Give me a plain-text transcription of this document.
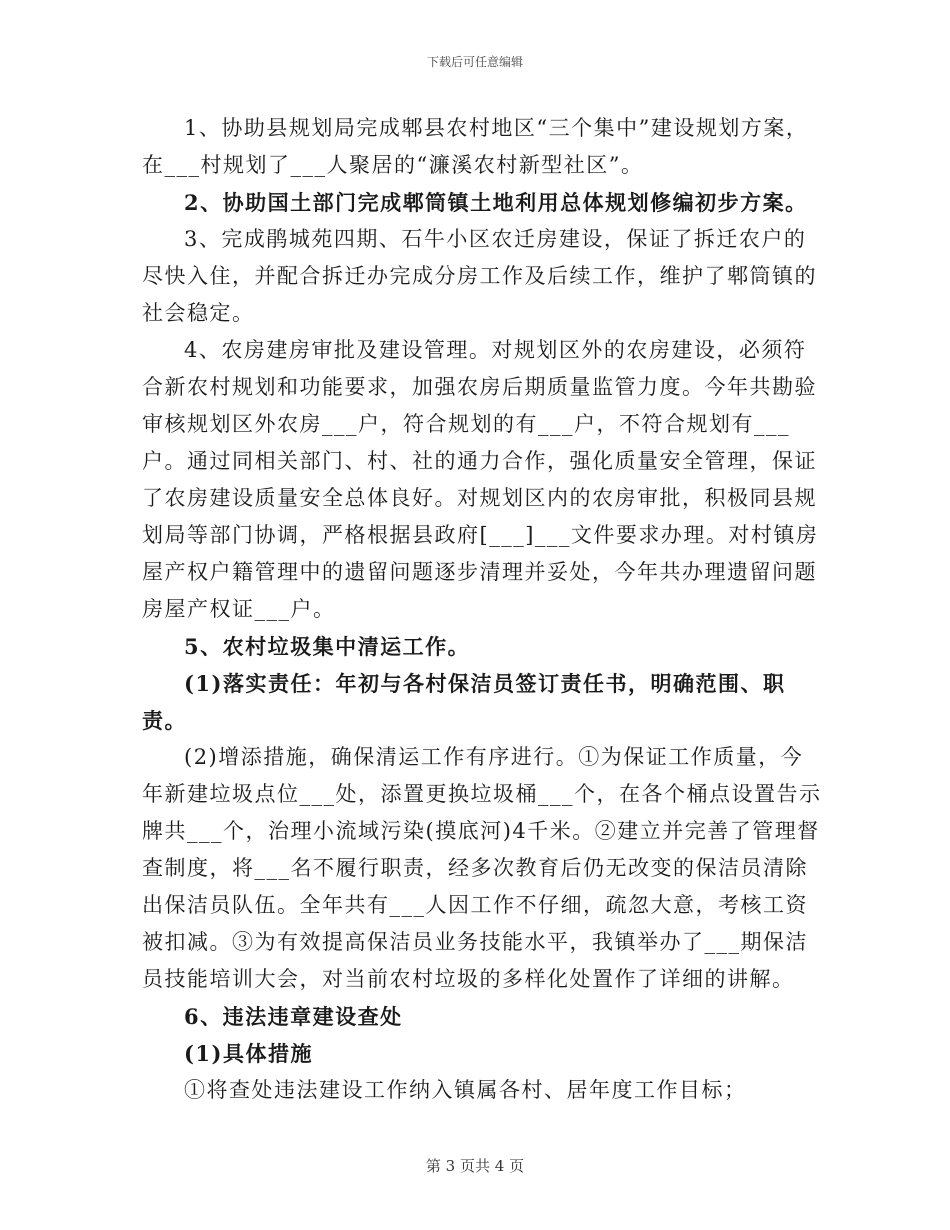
下载后可任意编辑

1、协助县规划局完成郫县农村地区“三个集中”建设规划方案，在___村规划了___人聚居的“濂溪农村新型社区”。

2、协助国土部门完成郫筒镇土地利用总体规划修编初步方案。

3、完成鹃城苑四期、石牛小区农迁房建设，保证了拆迁农户的尽快入住，并配合拆迁办完成分房工作及后续工作，维护了郫筒镇的社会稳定。

4、农房建房审批及建设管理。对规划区外的农房建设，必须符合新农村规划和功能要求，加强农房后期质量监管力度。今年共勘验审核规划区外农房___户，符合规划的有___户，不符合规划有___户。通过同相关部门、村、社的通力合作，强化质量安全管理，保证了农房建设质量安全总体良好。对规划区内的农房审批，积极同县规划局等部门协调，严格根据县政府[___]___文件要求办理。对村镇房屋产权户籍管理中的遗留问题逐步清理并妥处，今年共办理遗留问题房屋产权证___户。

5、农村垃圾集中清运工作。

(1)落实责任：年初与各村保洁员签订责任书，明确范围、职责。

(2)增添措施，确保清运工作有序进行。①为保证工作质量，今年新建垃圾点位___处，添置更换垃圾桶___个，在各个桶点设置告示牌共___个，治理小流域污染(摸底河)4千米。②建立并完善了管理督查制度，将___名不履行职责，经多次教育后仍无改变的保洁员清除出保洁员队伍。全年共有___人因工作不仔细，疏忽大意，考核工资被扣减。③为有效提高保洁员业务技能水平，我镇举办了___期保洁员技能培训大会，对当前农村垃圾的多样化处置作了详细的讲解。

6、违法违章建设查处

(1)具体措施

①将查处违法建设工作纳入镇属各村、居年度工作目标；

第 3 页共 4 页
